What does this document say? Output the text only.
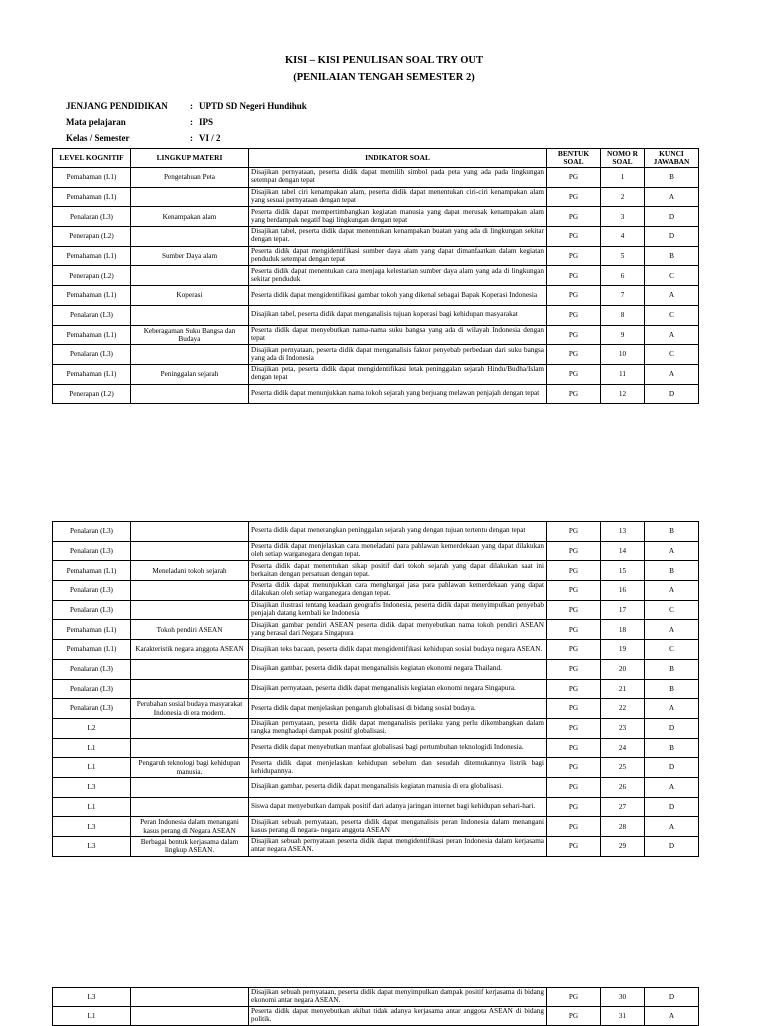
KISI – KISI PENULISAN SOAL TRY OUT
(PENILAIAN TENGAH SEMESTER 2)
JENJANG PENDIDIKAN : UPTD SD Negeri Hundihuk
Mata pelajaran	: IPS
Kelas / Semester	: VI / 2
LEVEL KOGNITIF	LINGKUP MATERI	INDIKATOR SOAL	BENTUK SOAL	NOMO R SOAL	KUNCI JAWABAN
Pemahaman (L1)	Pengetahuan Peta	Disajikan pernyataan, peserta didik dapat memilih simbol pada peta yang ada pada lingkungan setempat dengan tepat	PG	1	B
Pemahaman (L1)		Disajikan tabel ciri kenampakan alam, peserta didik dapat menentukan ciri-ciri kenampakan alam yang sesuai pernyataan dengan tepat	PG	2	A
Penalaran (L3)	Kenampakan alam	Peserta didik dapat mempertimbangkan kegiatan manusia yang dapat merusak kenampakan alam yang berdampak negatif bagi lingkungan dengan tepat	PG	3	D
Penerapan (L2)		Disajikan tabel, peserta didik dapat menentukan kenampakan buatan yang ada di lingkungan sekitar dengan tepat.	PG	4	D
Pemahaman (L1)	Sumber Daya alam	Peserta didik dapat mengidentifikasi sumber daya alam yang dapat dimanfaatkan dalam kegiatan penduduk setempat dengan tepat	PG	5	B
Penerapan (L2)		Peserta didik dapat menentukan cara menjaga kelestarian sumber daya alam yang ada di lingkungan sekitar penduduk	PG	6	C
Pemahaman (L1)	Koperasi	Peserta didik dapat mengidentifikasi gambar tokoh yang dikenal sebagai Bapak Koperasi Indonesia	PG	7	A
Penalaran (L3)		Disajikan tabel, peserta didik dapat menganalisis tujuan koperasi bagi kehidupan masyarakat	PG	8	C
Pemahaman (L1)	Keberagaman Suku Bangsa dan Budaya	Peserta didik dapat menyebutkan nama-nama suku bangsa yang ada di wilayah Indonesia dengan tepat	PG	9	A
Penalaran (L3)		Disajikan pernyataan, peserta didik dapat menganalisis faktor penyebab perbedaan dari suku bangsa yang ada di Indonesia	PG	10	C
Pemahaman (L1)	Peninggalan sejarah	Disajikan peta, peserta didik dapat mengidentifikasi letak peninggalan sejarah Hindu/Budha/Islam dengan tepat	PG	11	A
Penerapan (L2)		Peserta didik dapat menunjukkan nama tokoh sejarah yang berjuang melawan penjajah dengan tepat	PG	12	D
Penalaran (L3)		Peserta didik dapat menerangkan peninggalan sejarah yang dengan tujuan tertentu dengan tepat	PG	13	B
Penalaran (L3)		Peserta didik dapat menjelaskan cara meneladani para pahlawan kemerdekaan yang dapat dilakukan oleh setiap warganegara dengan tepat.	PG	14	A
Pemahaman (L1)	Meneladani tokoh sejarah	Peserta didik dapat menentukan sikap positif dari tokoh sejarah yang dapat dilakukan saat ini berkaitan dengan persatuan dengan tepat.	PG	15	B
Penalaran (L3)		Peserta didik dapat menunjukkan cara menghargai jasa para pahlawan kemerdekaan yang dapat dilakukan oleh setiap warganegara dengan tepat.	PG	16	A
Penalaran (L3)		Disajikan ilustrasi tentang keadaan geografis Indonesia, peserta didik dapat menyimpulkan penyebab penjajah datang kembali ke Indonesia	PG	17	C
Pemahaman (L1)	Tokoh pendiri ASEAN	Disajikan gambar pendiri ASEAN peserta didik dapat menyebutkan nama tokoh pendiri ASEAN yang berasal dari Negara Singapura	PG	18	A
Pemahaman (L1)	Karakteristik negara anggota ASEAN	Disajikan teks bacaan, peserta didik dapat mengidentifikasi kehidupan sosial budaya negara ASEAN.	PG	19	C
Penalaran (L3)		Disajikan gambar, peserta didik dapat menganalisis kegiatan ekonomi negara Thailand.	PG	20	B
Penalaran (L3)		Disajikan pernyataan, peserta didik dapat menganalisis kegiatan ekonomi negara Singapura.	PG	21	B
Penalaran (L3)	Perubahan sosial budaya masyarakat Indonesia di era modern.	Peserta didik dapat menjelaskan pengaruh globalisasi di bidang sosial budaya.	PG	22	A
L2		Disajikan pernyataan, peserta didik dapat menganalisis perilaku yang perlu dikembangkan dalam rangka menghadapi dampak positif globalisasi.	PG	23	D
L1		Peserta didik dapat menyebutkan manfaat globalisasi bagi pertumbuhan teknologidi Indonesia.	PG	24	B
L1	Pengaruh teknologi bagi kehidupan manusia.	Peserta didik dapat menjelaskan kehidupan sebelum dan sesudah ditemukannya listrik bagi kehidupannya.	PG	25	D
L3		Disajikan gambar, peserta didik dapat menganalisis kegiatan manusia di era globalisasi.	PG	26	A
L1		Siswa dapat menyebutkan dampak positif dari adanya jaringan internet bagi kehidupan sehari-hari.	PG	27	D
L3	Peran Indonesia dalam menangani kasus perang di Negara ASEAN	Disajikan sebuah pernyataan, peserta didik dapat menganalisis peran Indonesia dalam menangani kasus perang di negara- negara anggota ASEAN	PG	28	A
L3	Berbagai bentuk kerjasama dalam lingkup ASEAN.	Disajikan sebuah pernyataan peserta didik dapat mengidentifikasi peran Indonesia dalam kerjasama antar negara ASEAN.	PG	29	D
L3		Disajikan sebuah pernyataan, peserta didik dapat menyimpulkan dampak positif kerjasama di bidang ekonomi antar negara ASEAN.	PG	30	D
L1		Peserta didik dapat menyebutkan akibat tidak adanya kerjasama antar anggota ASEAN di bidang politik.	PG	31	A
